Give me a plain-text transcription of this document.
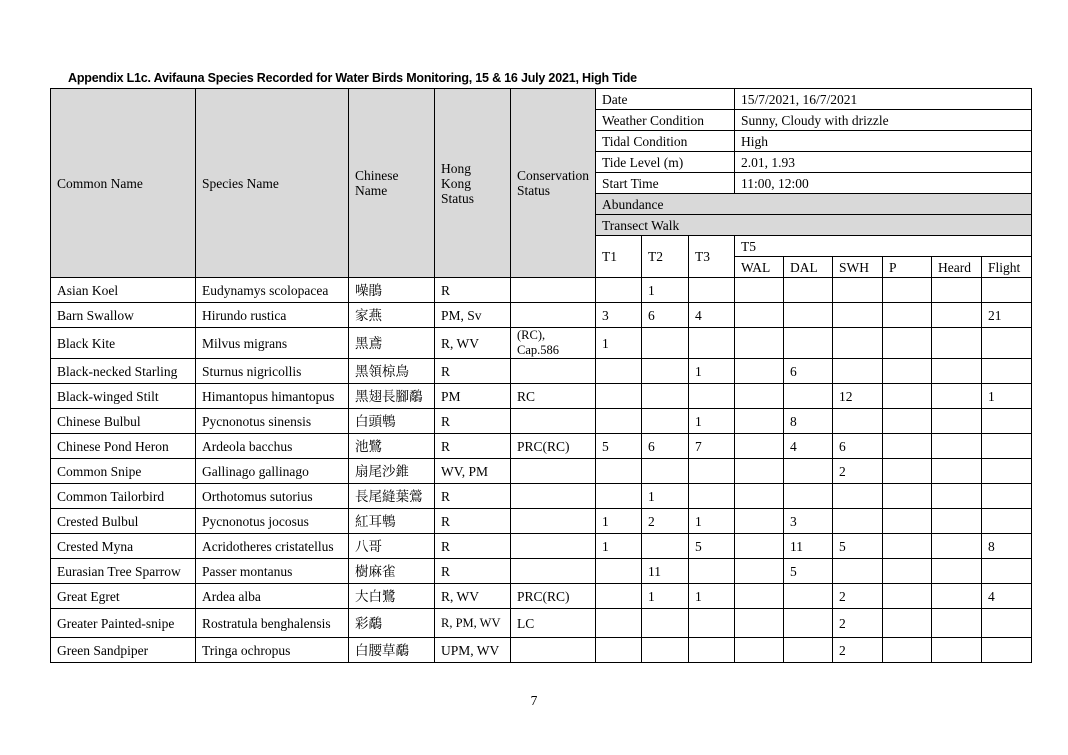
Appendix L1c. Avifauna Species Recorded for Water Birds Monitoring, 15 & 16 July 2021, High Tide
Common Name	Species Name	Chinese Name	Hong Kong Status	Conservation Status	Date			15/7/2021, 16/7/2021					
					Weather Condition			Sunny, Cloudy with drizzle					
					Tidal Condition			High					
					Tide Level (m)			2.01, 1.93					
					Start Time			11:00, 12:00					
					Abundance								
					Transect Walk								
					T1	T2	T3	T5					
								WAL	DAL	SWH	P	Heard	Flight
Asian Koel	Eudynamys scolopacea	噪鵑	R			1							
Barn Swallow	Hirundo rustica	家燕	PM, Sv		3	6	4						21
Black Kite	Milvus migrans	黑鳶	R, WV	(RC), Cap.586	1								
Black-necked Starling	Sturnus nigricollis	黑領椋鳥	R				1		6				
Black-winged Stilt	Himantopus himantopus	黑翅長腳鷸	PM	RC						12			1
Chinese Bulbul	Pycnonotus sinensis	白頭鵯	R				1		8				
Chinese Pond Heron	Ardeola bacchus	池鷺	R	PRC(RC)	5	6	7		4	6			
Common Snipe	Gallinago gallinago	扇尾沙錐	WV, PM							2			
Common Tailorbird	Orthotomus sutorius	長尾縫葉鶯	R			1							
Crested Bulbul	Pycnonotus jocosus	紅耳鵯	R		1	2	1		3				
Crested Myna	Acridotheres cristatellus	八哥	R		1		5		11	5			8
Eurasian Tree Sparrow	Passer montanus	樹麻雀	R			11			5				
Great Egret	Ardea alba	大白鷺	R, WV	PRC(RC)		1	1			2			4
Greater Painted-snipe	Rostratula benghalensis	彩鷸	R, PM, WV	LC						2			
Green Sandpiper	Tringa ochropus	白腰草鷸	UPM, WV							2			
7
